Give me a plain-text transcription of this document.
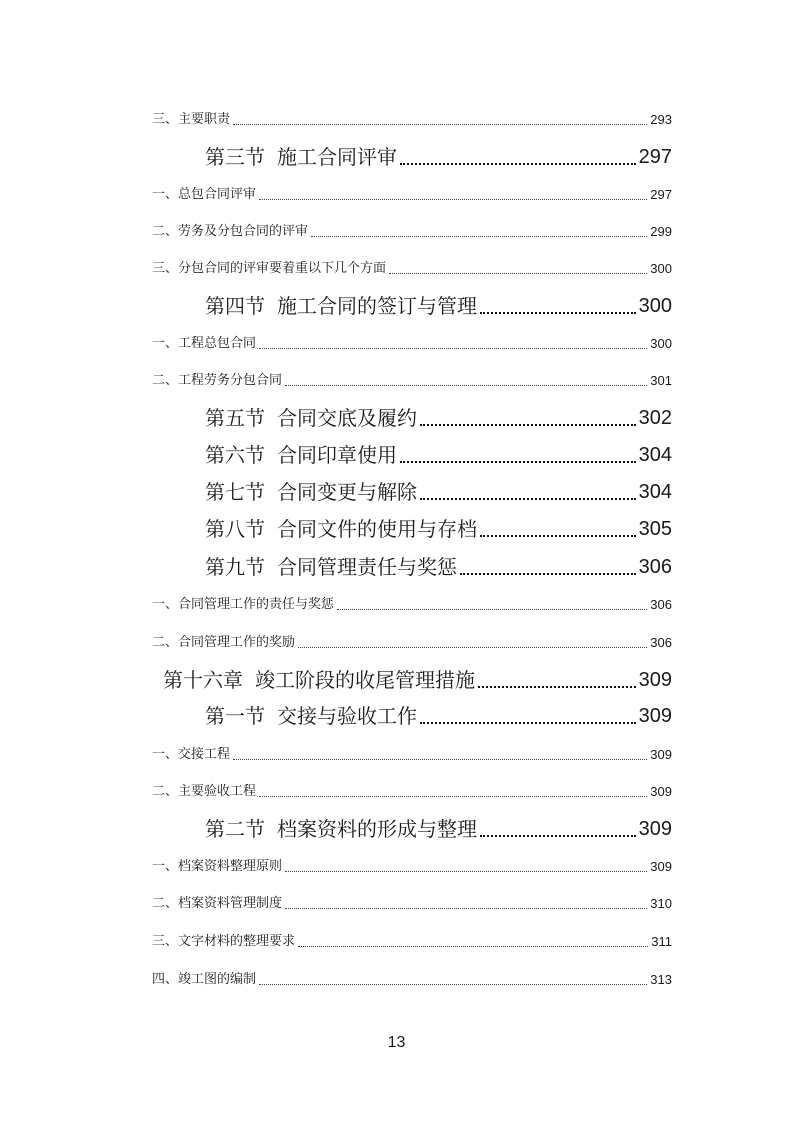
三、主要职责	293
第三节 施工合同评审	297
一、总包合同评审	297
二、劳务及分包合同的评审	299
三、分包合同的评审要着重以下几个方面	300
第四节 施工合同的签订与管理	300
一、工程总包合同	300
二、工程劳务分包合同	301
第五节 合同交底及履约	302
第六节 合同印章使用	304
第七节 合同变更与解除	304
第八节 合同文件的使用与存档	305
第九节 合同管理责任与奖惩	306
一、合同管理工作的责任与奖惩	306
二、合同管理工作的奖励	306
第十六章 竣工阶段的收尾管理措施	309
第一节 交接与验收工作	309
一、交接工程	309
二、主要验收工程	309
第二节 档案资料的形成与整理	309
一、档案资料整理原则	309
二、档案资料管理制度	310
三、文字材料的整理要求	311
四、竣工图的编制	313
13
